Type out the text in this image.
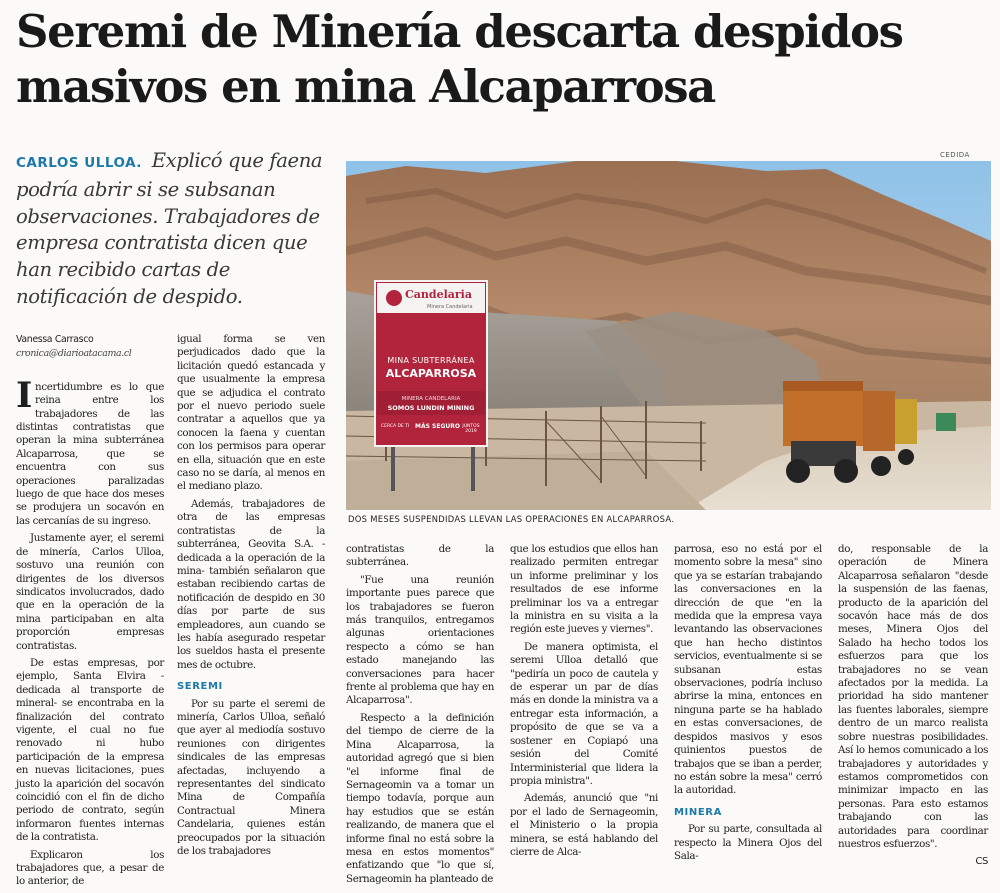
Seremi de Minería descarta despidos
masivos en mina Alcaparrosa
CARLOS ULLOA. Explicó que faena podría abrir si se subsanan observaciones. Trabajadores de empresa contratista dicen que han recibido cartas de notificación de despido.
CEDIDA
Candelaria
Minera Candelaria
MINA SUBTERRÁNEA
ALCAPARROSA
MINERA CANDELARIA
SOMOS LUNDIN MINING
CERCA DE TI MÁS SEGURO JUNTOS 2019
DOS MESES SUSPENDIDAS LLEVAN LAS OPERACIONES EN ALCAPARROSA.
Vanessa Carrasco
cronica@diarioatacama.cl

Incertidumbre es lo que reina entre los trabajadores de las distintas contratistas que operan la mina subterránea Alcaparrosa, que se encuentra con sus operaciones paralizadas luego de que hace dos meses se produjera un socavón en las cercanías de su ingreso.

Justamente ayer, el seremi de minería, Carlos Ulloa, sostuvo una reunión con dirigentes de los diversos sindicatos involucrados, dado que en la operación de la mina participaban en alta proporción empresas contratistas.

De estas empresas, por ejemplo, Santa Elvira -dedicada al transporte de mineral- se encontraba en la finalización del contrato vigente, el cual no fue renovado ni hubo participación de la empresa en nuevas licitaciones, pues justo la aparición del socavón coincidió con el fin de dicho periodo de contrato, según informaron fuentes internas de la contratista.

Explicaron los trabajadores que, a pesar de lo anterior, de

igual forma se ven perjudicados dado que la licitación quedó estancada y que usualmente la empresa que se adjudica el contrato por el nuevo periodo suele contratar a aquellos que ya conocen la faena y cuentan con los permisos para operar en ella, situación que en este caso no se daría, al menos en el mediano plazo.

Además, trabajadores de otra de las empresas contratistas de la subterránea, Geovita S.A. - dedicada a la operación de la mina- también señalaron que estaban recibiendo cartas de notificación de despido en 30 días por parte de sus empleadores, aun cuando se les había asegurado respetar los sueldos hasta el presente mes de octubre.

SEREMI

Por su parte el seremi de minería, Carlos Ulloa, señaló que ayer al mediodía sostuvo reuniones con dirigentes sindicales de las empresas afectadas, incluyendo a representantes del sindicato Mina de Compañía Contractual Minera Candelaria, quienes están preocupados por la situación de los trabajadores

contratistas de la subterránea.

"Fue una reunión importante pues parece que los trabajadores se fueron más tranquilos, entregamos algunas orientaciones respecto a cómo se han estado manejando las conversaciones para hacer frente al problema que hay en Alcaparrosa".

Respecto a la definición del tiempo de cierre de la Mina Alcaparrosa, la autoridad agregó que si bien "el informe final de Sernageomin va a tomar un tiempo todavía, porque aun hay estudios que se están realizando, de manera que el informe final no está sobre la mesa en estos momentos" enfatizando que "lo que sí, Sernageomin ha planteado de

que los estudios que ellos han realizado permiten entregar un informe preliminar y los resultados de ese informe preliminar los va a entregar la ministra en su visita a la región este jueves y viernes".

De manera optimista, el seremi Ulloa detalló que "pediría un poco de cautela y de esperar un par de días más en donde la ministra va a entregar esta información, a propósito de que se va a sostener en Copiapó una sesión del Comité Interministerial que lidera la propia ministra".

Además, anunció que "ni por el lado de Sernageomin, el Ministerio o la propia minera, se está hablando del cierre de Alca-

parrosa, eso no está por el momento sobre la mesa" sino que ya se estarían trabajando las conversaciones en la dirección de que "en la medida que la empresa vaya levantando las observaciones que han hecho distintos servicios, eventualmente si se subsanan estas observaciones, podría incluso abrirse la mina, entonces en ninguna parte se ha hablado en estas conversaciones, de despidos masivos y esos quinientos puestos de trabajos que se iban a perder, no están sobre la mesa" cerró la autoridad.

MINERA

Por su parte, consultada al respecto la Minera Ojos del Sala-

do, responsable de la operación de Minera Alcaparrosa señalaron "desde la suspensión de las faenas, producto de la aparición del socavón hace más de dos meses, Minera Ojos del Salado ha hecho todos los esfuerzos para que los trabajadores no se vean afectados por la medida. La prioridad ha sido mantener las fuentes laborales, siempre dentro de un marco realista sobre nuestras posibilidades. Así lo hemos comunicado a los trabajadores y autoridades y estamos comprometidos con minimizar impacto en las personas. Para esto estamos trabajando con las autoridades para coordinar nuestros esfuerzos".

CS
